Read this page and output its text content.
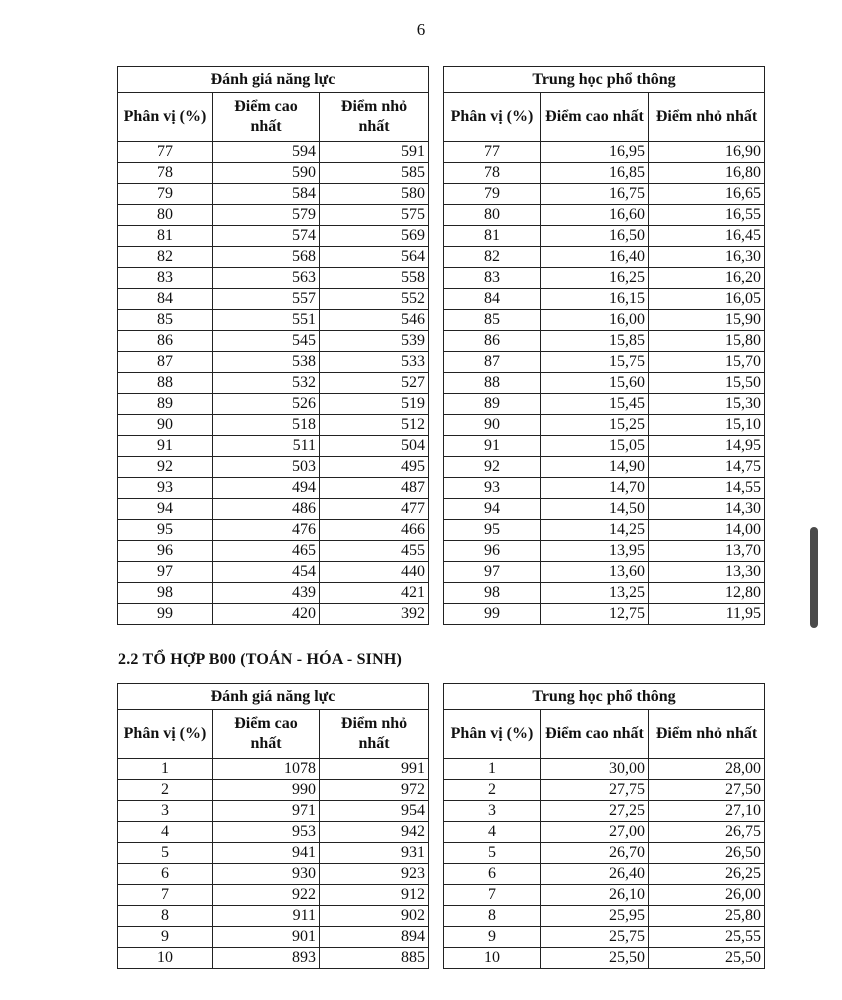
6
Đánh giá năng lực		
Phân vị (%)	Điểm cao nhất	Điểm nhỏ nhất
77	594	591
78	590	585
79	584	580
80	579	575
81	574	569
82	568	564
83	563	558
84	557	552
85	551	546
86	545	539
87	538	533
88	532	527
89	526	519
90	518	512
91	511	504
92	503	495
93	494	487
94	486	477
95	476	466
96	465	455
97	454	440
98	439	421
99	420	392
Trung học phổ thông		
Phân vị (%)	Điểm cao nhất	Điểm nhỏ nhất
77	16,95	16,90
78	16,85	16,80
79	16,75	16,65
80	16,60	16,55
81	16,50	16,45
82	16,40	16,30
83	16,25	16,20
84	16,15	16,05
85	16,00	15,90
86	15,85	15,80
87	15,75	15,70
88	15,60	15,50
89	15,45	15,30
90	15,25	15,10
91	15,05	14,95
92	14,90	14,75
93	14,70	14,55
94	14,50	14,30
95	14,25	14,00
96	13,95	13,70
97	13,60	13,30
98	13,25	12,80
99	12,75	11,95
2.2 TỔ HỢP B00 (TOÁN - HÓA - SINH)
Đánh giá năng lực		
Phân vị (%)	Điểm cao nhất	Điểm nhỏ nhất
1	1078	991
2	990	972
3	971	954
4	953	942
5	941	931
6	930	923
7	922	912
8	911	902
9	901	894
10	893	885
Trung học phổ thông		
Phân vị (%)	Điểm cao nhất	Điểm nhỏ nhất
1	30,00	28,00
2	27,75	27,50
3	27,25	27,10
4	27,00	26,75
5	26,70	26,50
6	26,40	26,25
7	26,10	26,00
8	25,95	25,80
9	25,75	25,55
10	25,50	25,50
